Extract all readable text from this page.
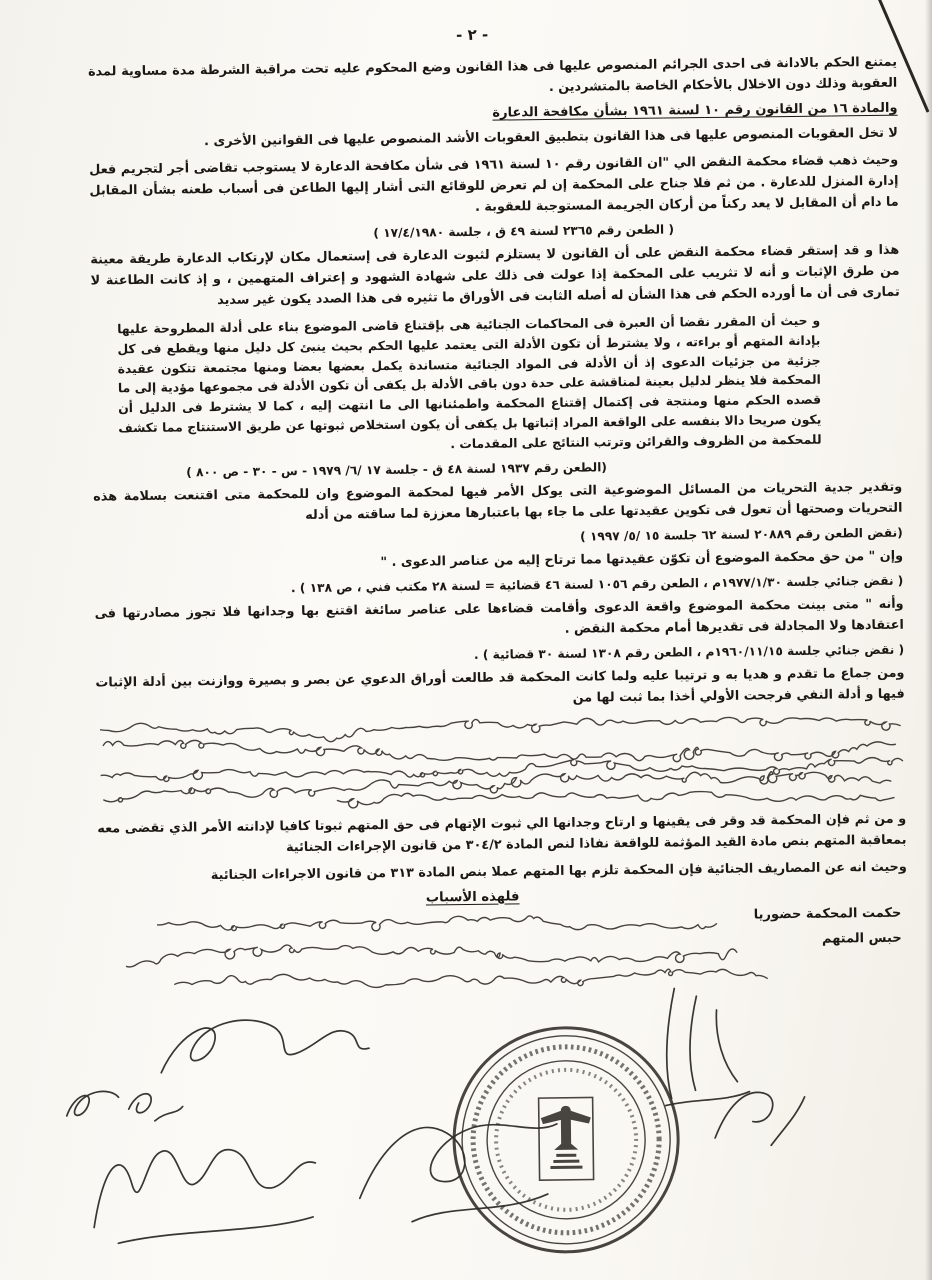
- ٢ -
يمتنع الحكم بالادانة فى احدى الجرائم المنصوص عليها فى هذا القانون وضع المحكوم عليه تحت مراقبة الشرطة مدة مساوية لمدة العقوبة وذلك دون الاخلال بالأحكام الخاصة بالمتشردين .
والمادة ١٦ من القانون رقم ١٠ لسنة ١٩٦١ بشأن مكافحة الدعارة
لا تخل العقوبات المنصوص عليها فى هذا القانون بتطبيق العقوبات الأشد المنصوص عليها فى القوانين الأخرى .
وحيث ذهب قضاء محكمة النقض الي "ان القانون رقم ١٠ لسنة ١٩٦١ فى شأن مكافحة الدعارة لا يستوجب تقاضى أجر لتجريم فعل إدارة المنزل للدعارة . من ثم فلا جناح على المحكمة إن لم تعرض للوقائع التى أشار إليها الطاعن فى أسباب طعنه بشأن المقابل ما دام أن المقابل لا يعد ركناً من أركان الجريمة المستوجبة للعقوبة .
( الطعن رقم ٢٣٦٥ لسنة ٤٩ ق ، جلسة ١٧/٤/١٩٨٠ )
هذا و قد إستقر قضاء محكمة النقض على أن القانون لا يستلزم لثبوت الدعارة فى إستعمال مكان لإرتكاب الدعارة طريقة معينة من طرق الإثبات و أنه لا تثريب على المحكمة إذا عولت فى ذلك على شهادة الشهود و إعتراف المتهمين ، و إذ كانت الطاعنة لا تمارى فى أن ما أورده الحكم فى هذا الشأن له أصله الثابت فى الأوراق ما تثيره فى هذا الصدد يكون غير سديد
و حيث أن المقرر نقضا أن العبرة فى المحاكمات الجنائية هى بإقتناع قاضى الموضوع بناء على أدلة المطروحة عليها بإدانة المتهم أو براءته ، ولا يشترط أن تكون الأدلة التى يعتمد عليها الحكم بحيث ينبئ كل دليل منها ويقطع فى كل جزئية من جزئيات الدعوى إذ أن الأدلة فى المواد الجنائية متساندة يكمل بعضها بعضا ومنها مجتمعة تتكون عقيدة المحكمة فلا ينظر لدليل بعينة لمناقشة على حدة دون باقى الأدلة بل يكفى أن تكون الأدلة فى مجموعها مؤدية إلى ما قصده الحكم منها ومنتجة فى إكتمال إقتناع المحكمة واطمئنانها الى ما انتهت إليه ، كما لا يشترط فى الدليل أن يكون صريحا دالا بنفسه على الواقعة المراد إثباتها بل يكفى أن يكون استخلاص ثبوتها عن طريق الاستنتاج مما تكشف للمحكمة من الظروف والقرائن وترتب النتائج على المقدمات .
(الطعن رقم ١٩٣٧ لسنة ٤٨ ق - جلسة ١٧ /٦/ ١٩٧٩ - س - ٣٠ - ص ٨٠٠ )
وتقدير جدية التحريات من المسائل الموضوعية التى يوكل الأمر فيها لمحكمة الموضوع وان للمحكمة متى اقتنعت بسلامة هذه التحريات وصحتها أن تعول فى تكوين عقيدتها على ما جاء بها باعتبارها معززة لما ساقته من أدله
(نقض الطعن رقم ٢٠٨٨٩ لسنة ٦٢ جلسة ١٥ /٥/ ١٩٩٧ )
وإن " من حق محكمة الموضوع أن تكوّن عقيدتها مما ترتاح إليه من عناصر الدعوى . "
( نقض جنائي جلسة ١٩٧٧/١/٣٠م ، الطعن رقم ١٠٥٦ لسنة ٤٦ قضائية = لسنة ٢٨ مكتب فني ، ص ١٣٨ ) .
وأنه " متى بينت محكمة الموضوع واقعة الدعوى وأقامت قضاءها على عناصر سائغة اقتنع بها وجدانها فلا تجوز مصادرتها فى اعتقادها ولا المجادلة فى تقديرها أمام محكمة النقض .
( نقض جنائي جلسة ١٩٦٠/١١/١٥م ، الطعن رقم ١٣٠٨ لسنة ٣٠ قضائية ) .
ومن جماع ما تقدم و هديا به و ترتيبا عليه ولما كانت المحكمة قد طالعت أوراق الدعوي عن بصر و بصيرة ووازنت بين أدلة الإثبات فيها و أدلة النفي فرجحت الأولي أخذا بما ثبت لها من
و من ثم فإن المحكمة قد وقر فى يقينها و ارتاح وجدانها الي ثبوت الإتهام فى حق المتهم ثبوتا كافيا لإدانته الأمر الذي تقضى معه بمعاقبة المتهم بنص مادة القيد المؤثمة للواقعة نفاذا لنص المادة ٣٠٤/٢ من قانون الإجراءات الجنائية
وحيث انه عن المصاريف الجنائية فإن المحكمة تلزم بها المتهم عملا بنص المادة ٣١٣ من قانون الاجراءات الجنائية
فلهذه الأسباب
حكمت المحكمة حضوريا
حبس المتهم
